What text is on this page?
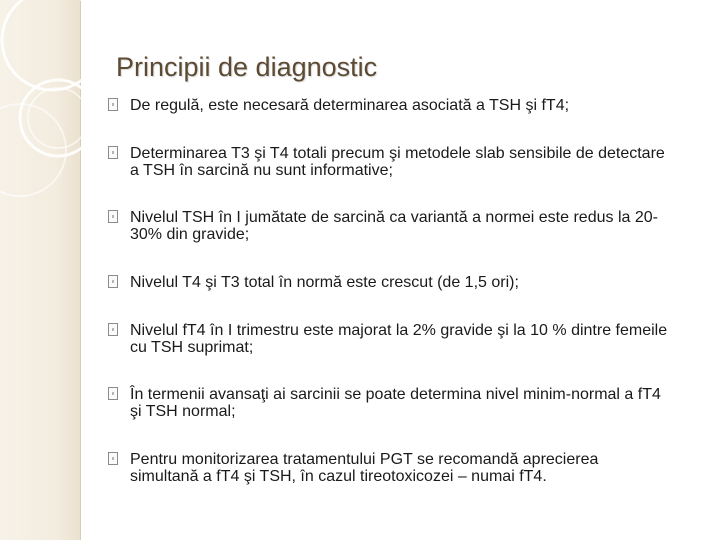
Principii de diagnostic
De regulă, este necesară determinarea asociată a TSH şi fT4;
Determinarea T3 şi T4 totali precum şi metodele slab sensibile de detectare a TSH în sarcină nu sunt informative;
Nivelul TSH în I jumătate de sarcină ca variantă a normei este redus la 20-30% din gravide;
Nivelul T4 şi T3 total în normă este crescut (de 1,5 ori);
Nivelul fT4 în I trimestru este majorat la 2% gravide şi la 10 % dintre femeile cu TSH suprimat;
În termenii avansaţi ai sarcinii se poate determina nivel minim-normal a fT4 şi TSH normal;
Pentru monitorizarea tratamentului PGT se recomandă aprecierea simultană a fT4 şi TSH, în cazul tireotoxicozei – numai fT4.
